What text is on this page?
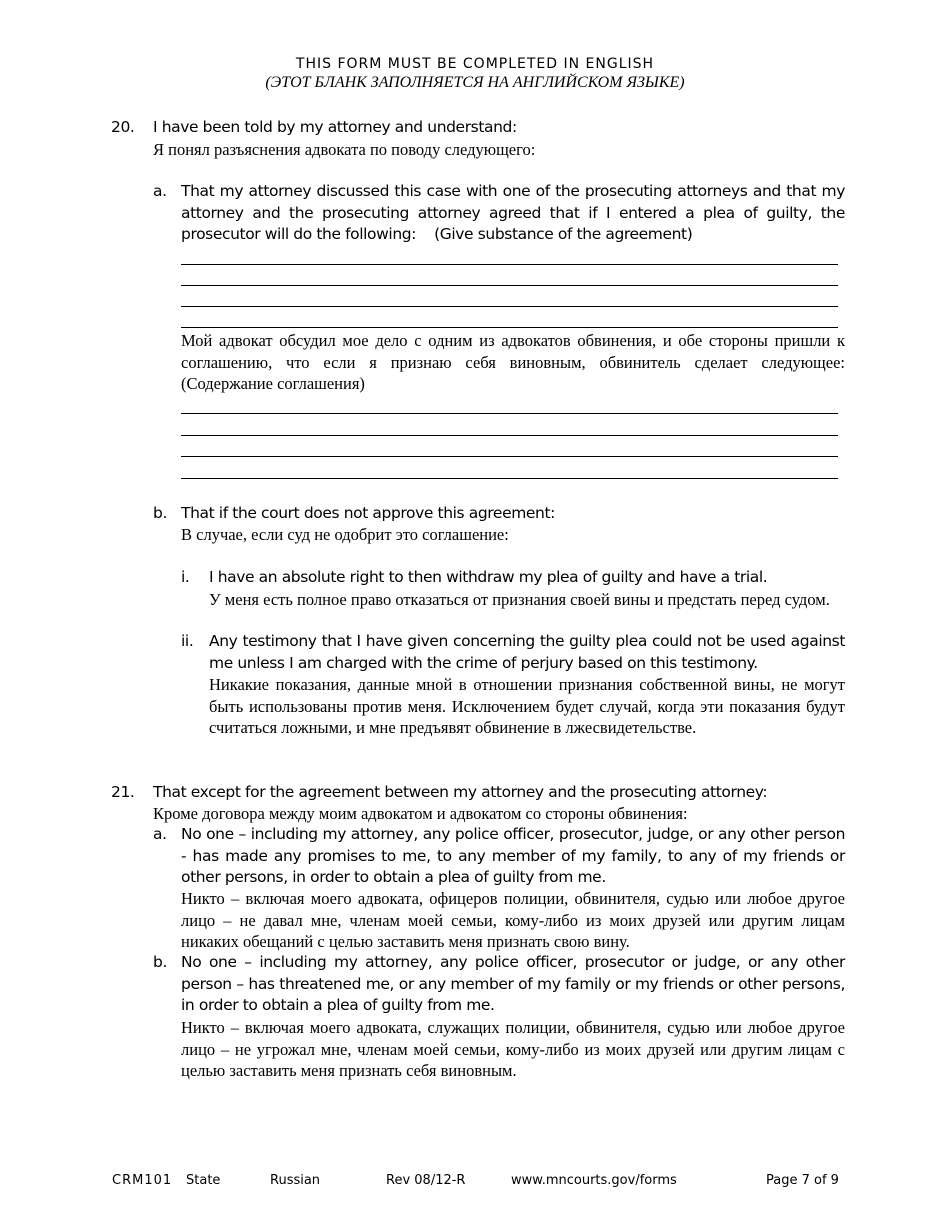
THIS FORM MUST BE COMPLETED IN ENGLISH
(ЭТОТ БЛАНК ЗАПОЛНЯЕТСЯ НА АНГЛИЙСКОМ ЯЗЫКЕ)
20. I have been told by my attorney and understand:
Я понял разъяснения адвоката по поводу следующего:
a. That my attorney discussed this case with one of the prosecuting attorneys and that my attorney and the prosecuting attorney agreed that if I entered a plea of guilty, the prosecutor will do the following: (Give substance of the agreement)
Мой адвокат обсудил мое дело с одним из адвокатов обвинения, и обе стороны пришли к соглашению, что если я признаю себя виновным, обвинитель сделает следующее: (Содержание соглашения)
b. That if the court does not approve this agreement:
В случае, если суд не одобрит это соглашение:
i. I have an absolute right to then withdraw my plea of guilty and have a trial.
У меня есть полное право отказаться от признания своей вины и предстать перед судом.
ii. Any testimony that I have given concerning the guilty plea could not be used against me unless I am charged with the crime of perjury based on this testimony.
Никакие показания, данные мной в отношении признания собственной вины, не могут быть использованы против меня. Исключением будет случай, когда эти показания будут считаться ложными, и мне предъявят обвинение в лжесвидетельстве.
21. That except for the agreement between my attorney and the prosecuting attorney:
Кроме договора между моим адвокатом и адвокатом со стороны обвинения:
a. No one – including my attorney, any police officer, prosecutor, judge, or any other person - has made any promises to me, to any member of my family, to any of my friends or other persons, in order to obtain a plea of guilty from me.
Никто – включая моего адвоката, офицеров полиции, обвинителя, судью или любое другое лицо – не давал мне, членам моей семьи, кому-либо из моих друзей или другим лицам никаких обещаний с целью заставить меня признать свою вину.
b. No one – including my attorney, any police officer, prosecutor or judge, or any other person – has threatened me, or any member of my family or my friends or other persons, in order to obtain a plea of guilty from me.
Никто – включая моего адвоката, служащих полиции, обвинителя, судью или любое другое лицо – не угрожал мне, членам моей семьи, кому-либо из моих друзей или другим лицам с целью заставить меня признать себя виновным.
CRM101 State	Russian	Rev 08/12-R	www.mncourts.gov/forms	Page 7 of 9
